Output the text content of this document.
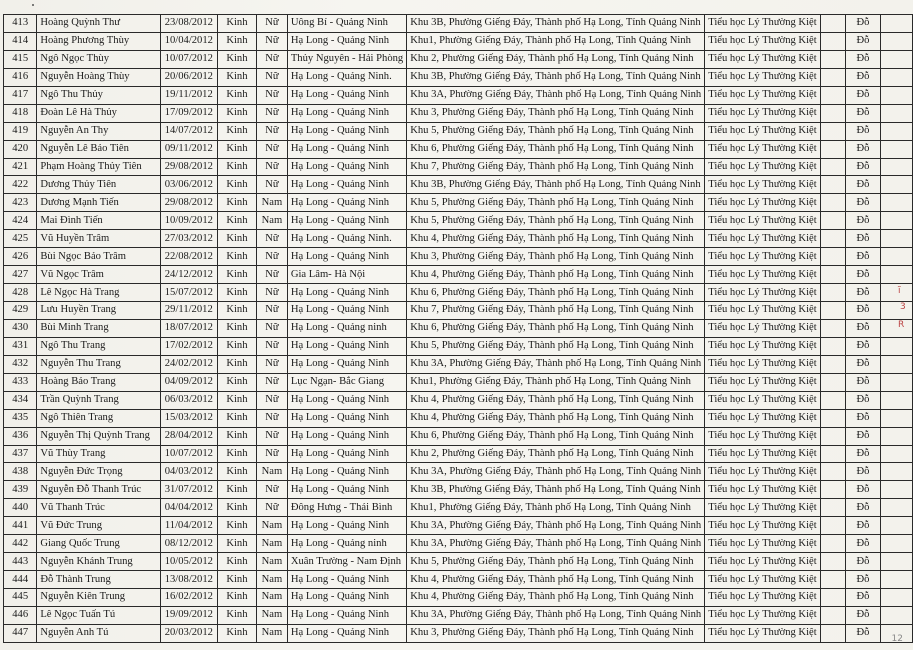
413	Hoàng Quỳnh Thư	23/08/2012	Kinh	Nữ	Uông Bí - Quảng Ninh	Khu 3B, Phường Giếng Đáy, Thành phố Hạ Long, Tỉnh Quảng Ninh	Tiểu học Lý Thường Kiệt		Đỗ	
414	Hoàng Phương Thùy	10/04/2012	Kinh	Nữ	Hạ Long - Quảng Ninh	Khu1, Phường Giếng Đáy, Thành phố Hạ Long, Tỉnh Quảng Ninh	Tiểu học Lý Thường Kiệt		Đỗ	
415	Ngô Ngọc Thùy	10/07/2012	Kinh	Nữ	Thủy Nguyên - Hải Phòng	Khu 2, Phường Giếng Đáy, Thành phố Hạ Long, Tỉnh Quảng Ninh	Tiểu học Lý Thường Kiệt		Đỗ	
416	Nguyễn Hoàng Thùy	20/06/2012	Kinh	Nữ	Hạ Long - Quảng Ninh.	Khu 3B, Phường Giếng Đáy, Thành phố Hạ Long, Tỉnh Quảng Ninh	Tiểu học Lý Thường Kiệt		Đỗ	
417	Ngô Thu Thủy	19/11/2012	Kinh	Nữ	Hạ Long - Quảng Ninh	Khu 3A, Phường Giếng Đáy, Thành phố Hạ Long, Tỉnh Quảng Ninh	Tiểu học Lý Thường Kiệt		Đỗ	
418	Đoàn Lê Hà Thủy	17/09/2012	Kinh	Nữ	Hạ Long - Quảng Ninh	Khu 3, Phường Giếng Đáy, Thành phố Hạ Long, Tỉnh Quảng Ninh	Tiểu học Lý Thường Kiệt		Đỗ	
419	Nguyễn An Thy	14/07/2012	Kinh	Nữ	Hạ Long - Quảng Ninh	Khu 5, Phường Giếng Đáy, Thành phố Hạ Long, Tỉnh Quảng Ninh	Tiểu học Lý Thường Kiệt		Đỗ	
420	Nguyễn Lê Bảo Tiên	09/11/2012	Kinh	Nữ	Hạ Long - Quảng Ninh	Khu 6, Phường Giếng Đáy, Thành phố Hạ Long, Tỉnh Quảng Ninh	Tiểu học Lý Thường Kiệt		Đỗ	
421	Phạm Hoàng Thủy Tiên	29/08/2012	Kinh	Nữ	Hạ Long - Quảng Ninh	Khu 7, Phường Giếng Đáy, Thành phố Hạ Long, Tỉnh Quảng Ninh	Tiểu học Lý Thường Kiệt		Đỗ	
422	Dương Thủy Tiên	03/06/2012	Kinh	Nữ	Hạ Long - Quảng Ninh	Khu 3B, Phường Giếng Đáy, Thành phố Hạ Long, Tỉnh Quảng Ninh	Tiểu học Lý Thường Kiệt		Đỗ	
423	Dương Mạnh Tiến	29/08/2012	Kinh	Nam	Hạ Long - Quảng Ninh	Khu 5, Phường Giếng Đáy, Thành phố Hạ Long, Tỉnh Quảng Ninh	Tiểu học Lý Thường Kiệt		Đỗ	
424	Mai Đình Tiến	10/09/2012	Kinh	Nam	Hạ Long - Quảng Ninh	Khu 5, Phường Giếng Đáy, Thành phố Hạ Long, Tỉnh Quảng Ninh	Tiểu học Lý Thường Kiệt		Đỗ	
425	Vũ Huyền Trâm	27/03/2012	Kinh	Nữ	Hạ Long - Quảng Ninh.	Khu 4, Phường Giếng Đáy, Thành phố Hạ Long, Tỉnh Quảng Ninh	Tiểu học Lý Thường Kiệt		Đỗ	
426	Bùi Ngọc Bảo Trâm	22/08/2012	Kinh	Nữ	Hạ Long - Quảng Ninh	Khu 3, Phường Giếng Đáy, Thành phố Hạ Long, Tỉnh Quảng Ninh	Tiểu học Lý Thường Kiệt		Đỗ	
427	Vũ Ngọc Trâm	24/12/2012	Kinh	Nữ	Gia Lâm- Hà Nội	Khu 4, Phường Giếng Đáy, Thành phố Hạ Long, Tỉnh Quảng Ninh	Tiểu học Lý Thường Kiệt		Đỗ	
428	Lê Ngọc Hà Trang	15/07/2012	Kinh	Nữ	Hạ Long - Quảng Ninh	Khu 6, Phường Giếng Đáy, Thành phố Hạ Long, Tỉnh Quảng Ninh	Tiểu học Lý Thường Kiệt		Đỗ	
429	Lưu Huyền Trang	29/11/2012	Kinh	Nữ	Hạ Long - Quảng Ninh	Khu 7, Phường Giếng Đáy, Thành phố Hạ Long, Tỉnh Quảng Ninh	Tiểu học Lý Thường Kiệt		Đỗ	
430	Bùi Minh Trang	18/07/2012	Kinh	Nữ	Hạ Long - Quảng ninh	Khu 6, Phường Giếng Đáy, Thành phố Hạ Long, Tỉnh Quảng Ninh	Tiểu học Lý Thường Kiệt		Đỗ	
431	Ngô Thu Trang	17/02/2012	Kinh	Nữ	Hạ Long - Quảng Ninh	Khu 5, Phường Giếng Đáy, Thành phố Hạ Long, Tỉnh Quảng Ninh	Tiểu học Lý Thường Kiệt		Đỗ	
432	Nguyễn Thu Trang	24/02/2012	Kinh	Nữ	Hạ Long - Quảng Ninh	Khu 3A, Phường Giếng Đáy, Thành phố Hạ Long, Tỉnh Quảng Ninh	Tiểu học Lý Thường Kiệt		Đỗ	
433	Hoàng Bảo Trang	04/09/2012	Kinh	Nữ	Lục Ngạn- Bắc Giang	Khu1, Phường Giếng Đáy, Thành phố Hạ Long, Tỉnh Quảng Ninh	Tiểu học Lý Thường Kiệt		Đỗ	
434	Trần Quỳnh Trang	06/03/2012	Kinh	Nữ	Hạ Long - Quảng Ninh	Khu 4, Phường Giếng Đáy, Thành phố Hạ Long, Tỉnh Quảng Ninh	Tiểu học Lý Thường Kiệt		Đỗ	
435	Ngô Thiên Trang	15/03/2012	Kinh	Nữ	Hạ Long - Quảng Ninh	Khu 4, Phường Giếng Đáy, Thành phố Hạ Long, Tỉnh Quảng Ninh	Tiểu học Lý Thường Kiệt		Đỗ	
436	Nguyễn Thị Quỳnh Trang	28/04/2012	Kinh	Nữ	Hạ Long - Quảng Ninh	Khu 6, Phường Giếng Đáy, Thành phố Hạ Long, Tỉnh Quảng Ninh	Tiểu học Lý Thường Kiệt		Đỗ	
437	Vũ Thùy Trang	10/07/2012	Kinh	Nữ	Hạ Long - Quảng Ninh	Khu 2, Phường Giếng Đáy, Thành phố Hạ Long, Tỉnh Quảng Ninh	Tiểu học Lý Thường Kiệt		Đỗ	
438	Nguyễn Đức Trọng	04/03/2012	Kinh	Nam	Hạ Long - Quảng Ninh	Khu 3A, Phường Giếng Đáy, Thành phố Hạ Long, Tỉnh Quảng Ninh	Tiểu học Lý Thường Kiệt		Đỗ	
439	Nguyễn Đỗ Thanh Trúc	31/07/2012	Kinh	Nữ	Hạ Long - Quảng Ninh	Khu 3B, Phường Giếng Đáy, Thành phố Hạ Long, Tỉnh Quảng Ninh	Tiểu học Lý Thường Kiệt		Đỗ	
440	Vũ Thanh Trúc	04/04/2012	Kinh	Nữ	Đông Hưng - Thái Bình	Khu1, Phường Giếng Đáy, Thành phố Hạ Long, Tỉnh Quảng Ninh	Tiểu học Lý Thường Kiệt		Đỗ	
441	Vũ Đức Trung	11/04/2012	Kinh	Nam	Hạ Long - Quảng Ninh	Khu 3A, Phường Giếng Đáy, Thành phố Hạ Long, Tỉnh Quảng Ninh	Tiểu học Lý Thường Kiệt		Đỗ	
442	Giang Quốc Trung	08/12/2012	Kinh	Nam	Hạ Long - Quảng ninh	Khu 3A, Phường Giếng Đáy, Thành phố Hạ Long, Tỉnh Quảng Ninh	Tiểu học Lý Thường Kiệt		Đỗ	
443	Nguyễn Khánh Trung	10/05/2012	Kinh	Nam	Xuân Trường - Nam Định	Khu 5, Phường Giếng Đáy, Thành phố Hạ Long, Tỉnh Quảng Ninh	Tiểu học Lý Thường Kiệt		Đỗ	
444	Đỗ Thành Trung	13/08/2012	Kinh	Nam	Hạ Long - Quảng Ninh	Khu 4, Phường Giếng Đáy, Thành phố Hạ Long, Tỉnh Quảng Ninh	Tiểu học Lý Thường Kiệt		Đỗ	
445	Nguyễn Kiên Trung	16/02/2012	Kinh	Nam	Hạ Long - Quảng Ninh	Khu 4, Phường Giếng Đáy, Thành phố Hạ Long, Tỉnh Quảng Ninh	Tiểu học Lý Thường Kiệt		Đỗ	
446	Lê Ngọc Tuấn Tú	19/09/2012	Kinh	Nam	Hạ Long - Quảng Ninh	Khu 3A, Phường Giếng Đáy, Thành phố Hạ Long, Tỉnh Quảng Ninh	Tiểu học Lý Thường Kiệt		Đỗ	
447	Nguyễn Anh Tú	20/03/2012	Kinh	Nam	Hạ Long - Quảng Ninh	Khu 3, Phường Giếng Đáy, Thành phố Hạ Long, Tỉnh Quảng Ninh	Tiểu học Lý Thường Kiệt		Đỗ	
ĩ
3
R
12
